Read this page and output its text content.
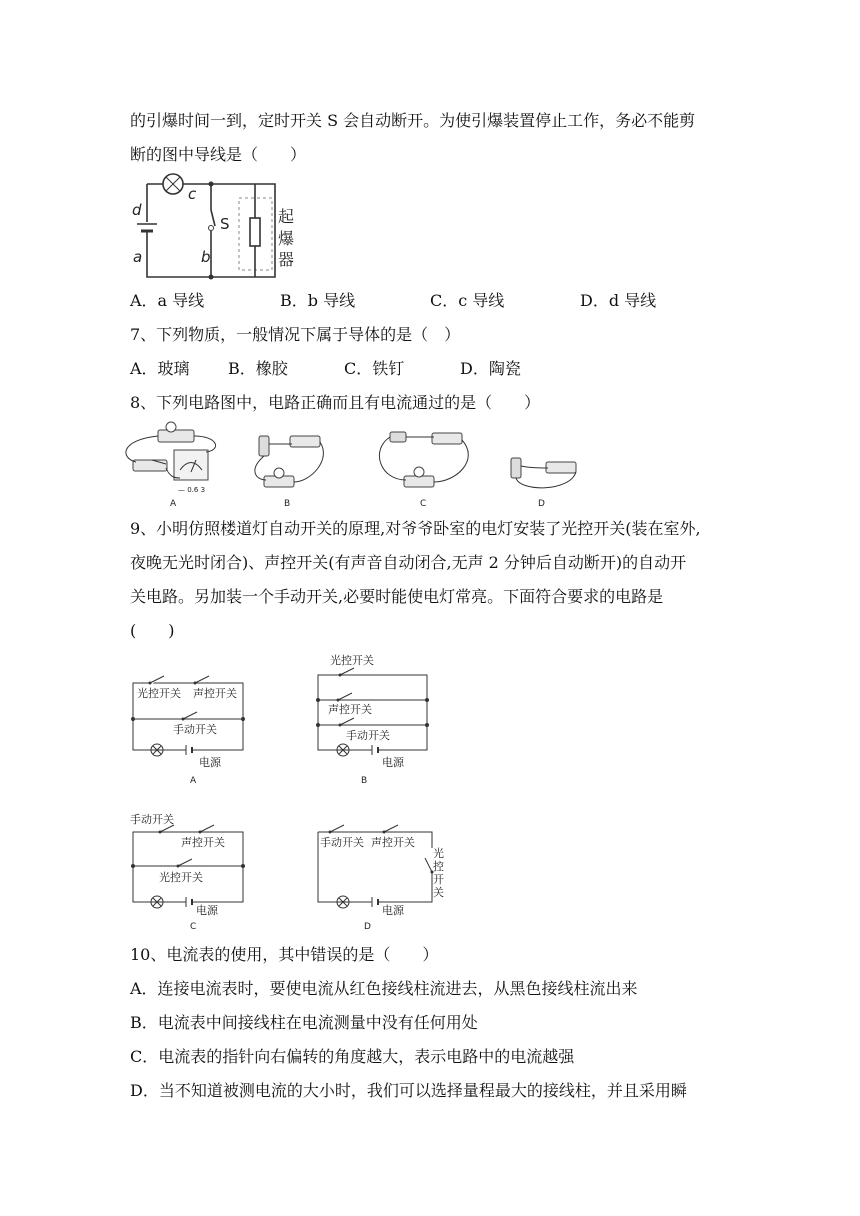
的引爆时间一到，定时开关 S 会自动断开。为使引爆装置停止工作，务必不能剪
断的图中导线是（　　）
c
d
a	b
S	起
爆
器
A．a 导线	B．b 导线	C．c 导线	D．d 导线
7、下列物质，一般情况下属于导体的是（　）
A．玻璃 B．橡胶	C．铁钉	D．陶瓷
8、下列电路图中，电路正确而且有电流通过的是（　　）
— 0.6 3
A	B	C	D
9、小明仿照楼道灯自动开关的原理,对爷爷卧室的电灯安装了光控开关(装在室外,
夜晚无光时闭合)、声控开关(有声音自动闭合,无声 2 分钟后自动断开)的自动开
关电路。另加装一个手动开关,必要时能使电灯常亮。下面符合要求的电路是
(　　)
光控开关 声控开关
手动开关
电源
A
光控开关
声控开关
手动开关
电源
B
手动开关
声控开关
光控开关
电源
C
手动开关 声控开关
光
控
开
关
电源
D
10、电流表的使用，其中错误的是（　　）
A．连接电流表时，要使电流从红色接线柱流进去，从黑色接线柱流出来
B．电流表中间接线柱在电流测量中没有任何用处
C．电流表的指针向右偏转的角度越大，表示电路中的电流越强
D．当不知道被测电流的大小时，我们可以选择量程最大的接线柱，并且采用瞬
